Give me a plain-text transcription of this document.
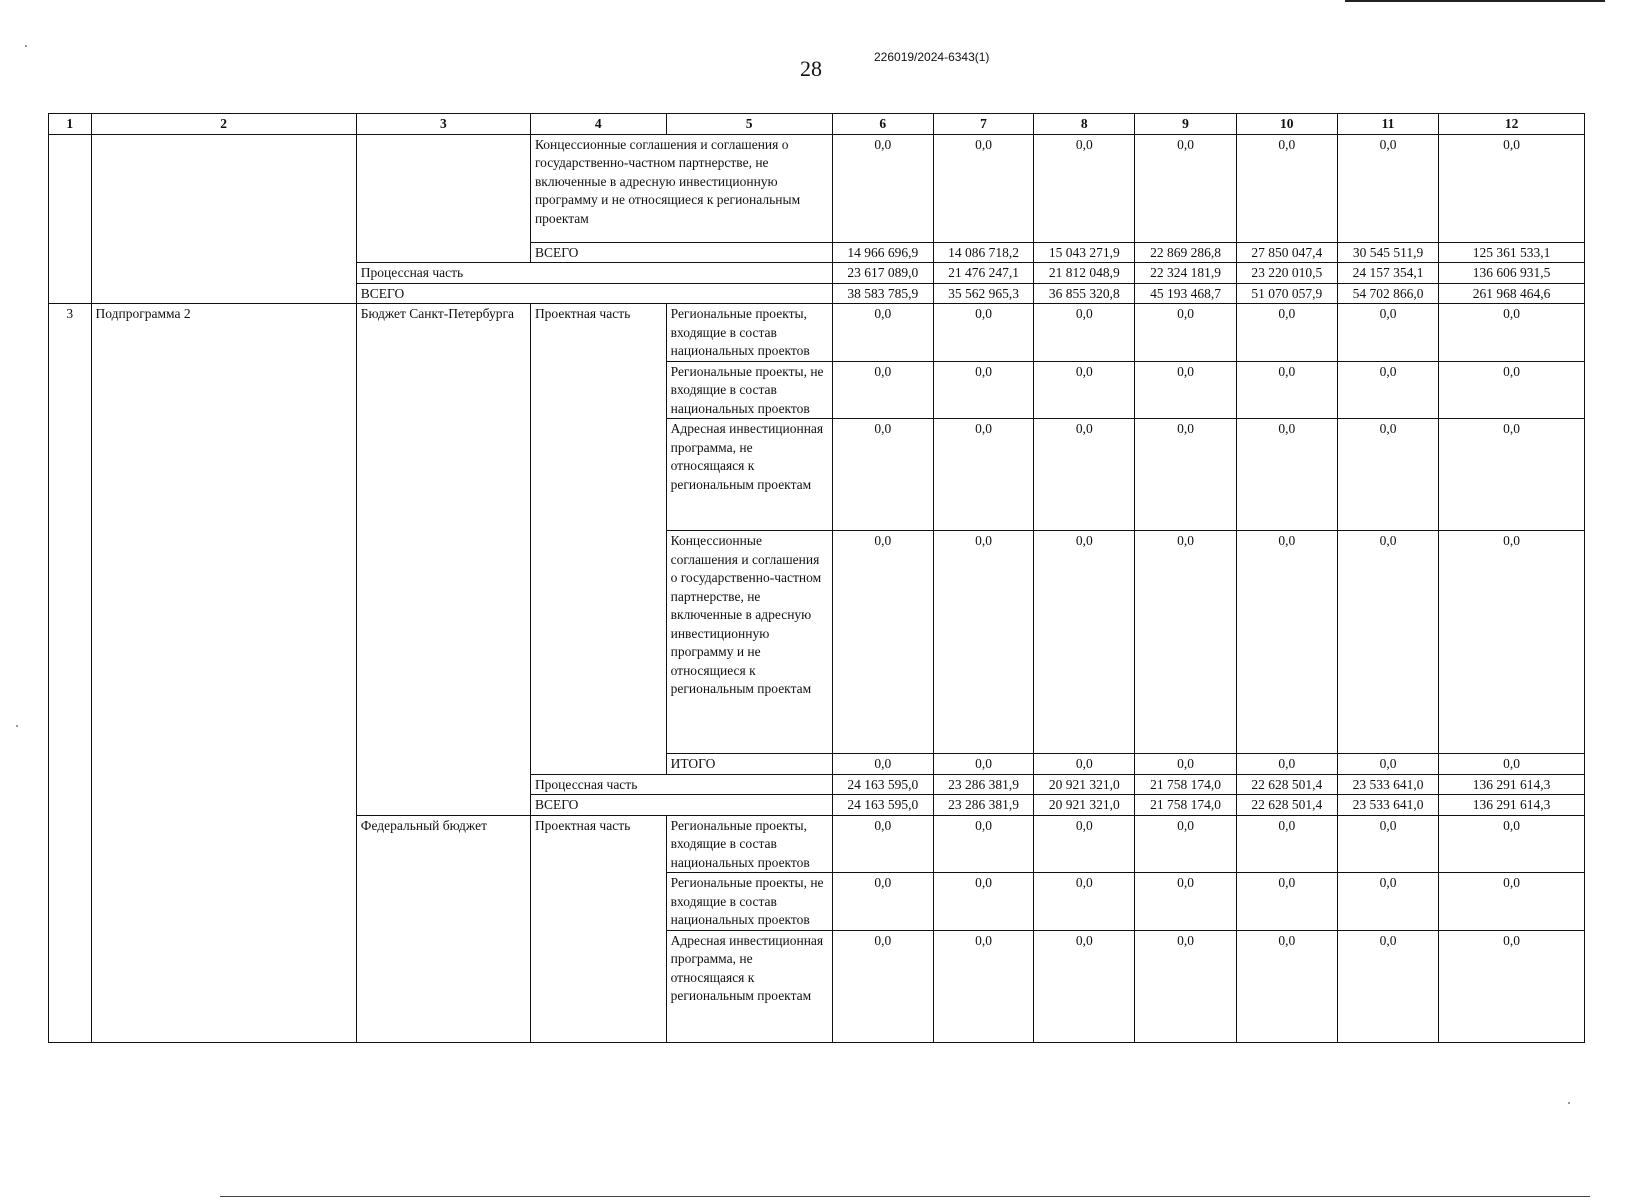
28	226019/2024-6343(1)
1	2	3	4	5	6	7	8	9	10	11	12
			Концессионные соглашения и соглашения о государственно-частном партнерстве, не включенные в адресную инвестиционную программу и не относящиеся к региональным проектам		0,0	0,0	0,0	0,0	0,0	0,0	0,0
			ВСЕГО		14 966 696,9	14 086 718,2	15 043 271,9	22 869 286,8	27 850 047,4	30 545 511,9	125 361 533,1
		Процессная часть			23 617 089,0	21 476 247,1	21 812 048,9	22 324 181,9	23 220 010,5	24 157 354,1	136 606 931,5
		ВСЕГО			38 583 785,9	35 562 965,3	36 855 320,8	45 193 468,7	51 070 057,9	54 702 866,0	261 968 464,6
3	Подпрограмма 2	Бюджет Санкт-Петербурга	Проектная часть	Региональные проекты, входящие в состав национальных проектов	0,0	0,0	0,0	0,0	0,0	0,0	0,0
				Региональные проекты, не входящие в состав национальных проектов	0,0	0,0	0,0	0,0	0,0	0,0	0,0
				Адресная инвестиционная программа, не относящаяся к региональным проектам	0,0	0,0	0,0	0,0	0,0	0,0	0,0
				Концессионные соглашения и соглашения о государственно-частном партнерстве, не включенные в адресную инвестиционную программу и не относящиеся к региональным проектам	0,0	0,0	0,0	0,0	0,0	0,0	0,0
				ИТОГО	0,0	0,0	0,0	0,0	0,0	0,0	0,0
			Процессная часть		24 163 595,0	23 286 381,9	20 921 321,0	21 758 174,0	22 628 501,4	23 533 641,0	136 291 614,3
			ВСЕГО		24 163 595,0	23 286 381,9	20 921 321,0	21 758 174,0	22 628 501,4	23 533 641,0	136 291 614,3
		Федеральный бюджет	Проектная часть	Региональные проекты, входящие в состав национальных проектов	0,0	0,0	0,0	0,0	0,0	0,0	0,0
				Региональные проекты, не входящие в состав национальных проектов	0,0	0,0	0,0	0,0	0,0	0,0	0,0
				Адресная инвестиционная программа, не относящаяся к региональным проектам	0,0	0,0	0,0	0,0	0,0	0,0	0,0
